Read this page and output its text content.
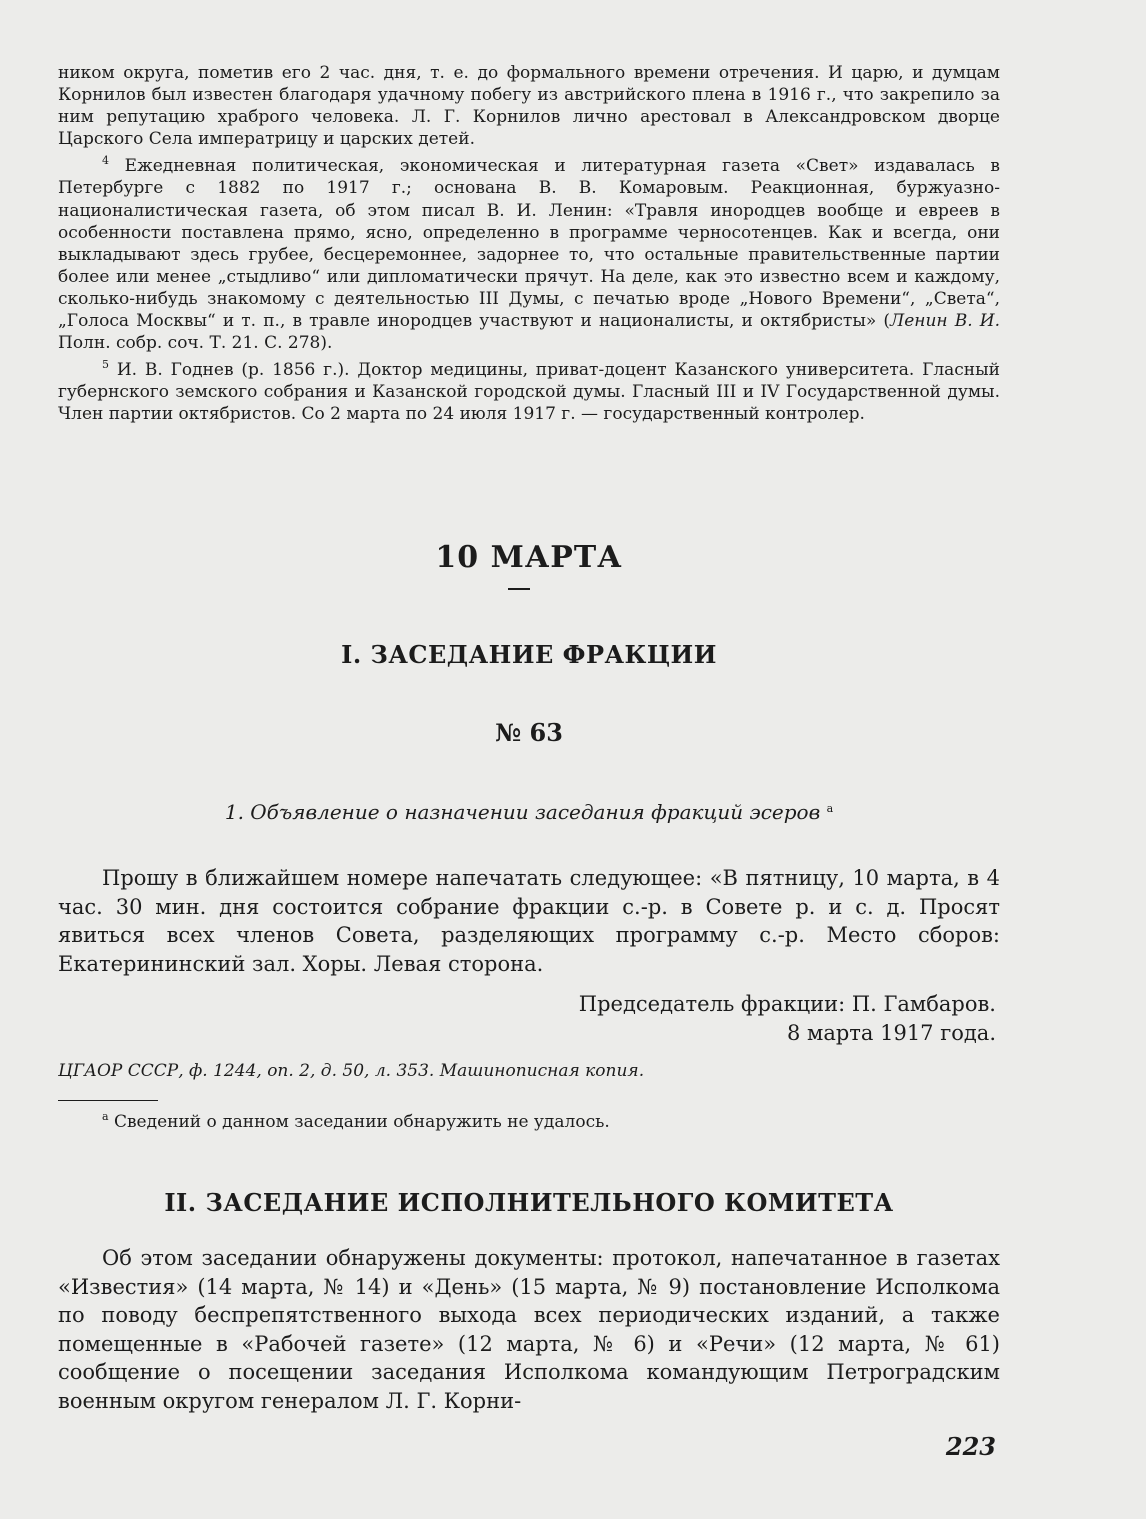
ником округа, пометив его 2 час. дня, т. е. до формального времени отречения. И царю, и думцам Корнилов был известен благодаря удачному побегу из австрийского плена в 1916 г., что закрепило за ним репутацию храброго человека. Л. Г. Корнилов лично арестовал в Александровском дворце Царского Села императрицу и царских детей.

$^4$ Ежедневная политическая, экономическая и литературная газета «Свет» издавалась в Петербурге с 1882 по 1917 г.; основана В. В. Комаровым. Реакционная, буржуазно-националистическая газета, об этом писал В. И. Ленин: «Травля инородцев вообще и евреев в особенности поставлена прямо, ясно, определенно в программе черносотенцев. Как и всегда, они выкладывают здесь грубее, бесцеремоннее, задорнее то, что остальные правительственные партии более или менее „стыдливо“ или дипломатически прячут. На деле, как это известно всем и каждому, сколько-нибудь знакомому с деятельностью III Думы, с печатью вроде „Нового Времени“, „Света“, „Голоса Москвы“ и т. п., в травле инородцев участвуют и националисты, и октябристы» (Ленин В. И. Полн. собр. соч. Т. 21. С. 278).

$^5$ И. В. Годнев (р. 1856 г.). Доктор медицины, приват-доцент Казанского университета. Гласный губернского земского собрания и Казанской городской думы. Гласный III и IV Государственной думы. Член партии октябристов. Со 2 марта по 24 июля 1917 г. — государственный контролер.

10 МАРТА
I. ЗАСЕДАНИЕ ФРАКЦИИ
№ 63
1. Объявление о назначении заседания фракций эсеров $^а$

Прошу в ближайшем номере напечатать следующее: «В пятницу, 10 марта, в 4 час. 30 мин. дня состоится собрание фракции с.-р. в Совете р. и с. д. Просят явиться всех членов Совета, разделяющих программу с.-р. Место сборов: Екатерининский зал. Хоры. Левая сторона.

Председатель фракции: П. Гамбаров.
8 марта 1917 года.
ЦГАОР СССР, ф. 1244, оп. 2, д. 50, л. 353. Машинописная копия.
$^а$ Сведений о данном заседании обнаружить не удалось.
II. ЗАСЕДАНИЕ ИСПОЛНИТЕЛЬНОГО КОМИТЕТА

Об этом заседании обнаружены документы: протокол, напечатанное в газетах «Известия» (14 марта, № 14) и «День» (15 марта, № 9) постановление Исполкома по поводу беспрепятственного выхода всех периодических изданий, а также помещенные в «Рабочей газете» (12 марта, № 6) и «Речи» (12 марта, № 61) сообщение о посещении заседания Исполкома командующим Петроградским военным округом генералом Л. Г. Корни-

223
